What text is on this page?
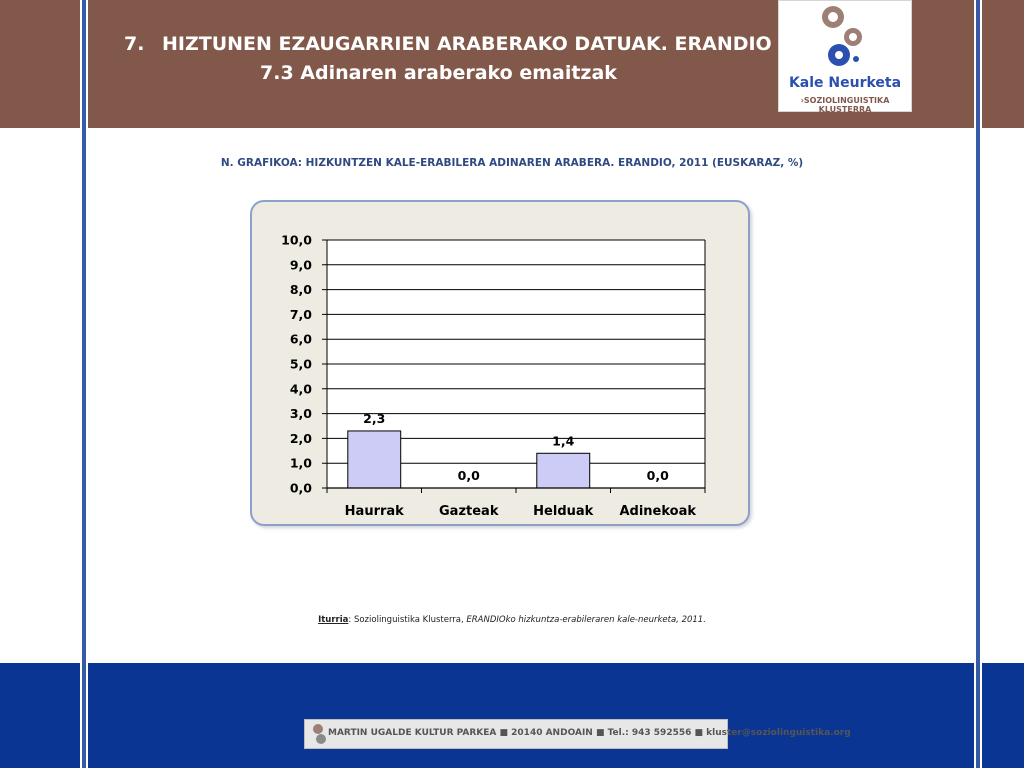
7. HIZTUNEN EZAUGARRIEN ARABERAKO DATUAK. ERANDIO
7.3 Adinaren araberako emaitzak	Kale Neurketa
›SOZIOLINGUISTIKA KLUSTERRA
N. GRAFIKOA: HIZKUNTZEN KALE-ERABILERA ADINAREN ARABERA. ERANDIO, 2011 (EUSKARAZ, %)
0,0
1,0
2,0
3,0
4,0
5,0
6,0
7,0
8,0
9,0
10,0
2,3
Haurrak
0,0
Gazteak
1,4
Helduak
0,0
Adinekoak
Iturria: Soziolinguistika Klusterra, ERANDIOko hizkuntza-erabileraren kale-neurketa, 2011.
MARTIN UGALDE KULTUR PARKEA ■ 20140 ANDOAIN ■ Tel.: 943 592556 ■ kluster@soziolinguistika.org
